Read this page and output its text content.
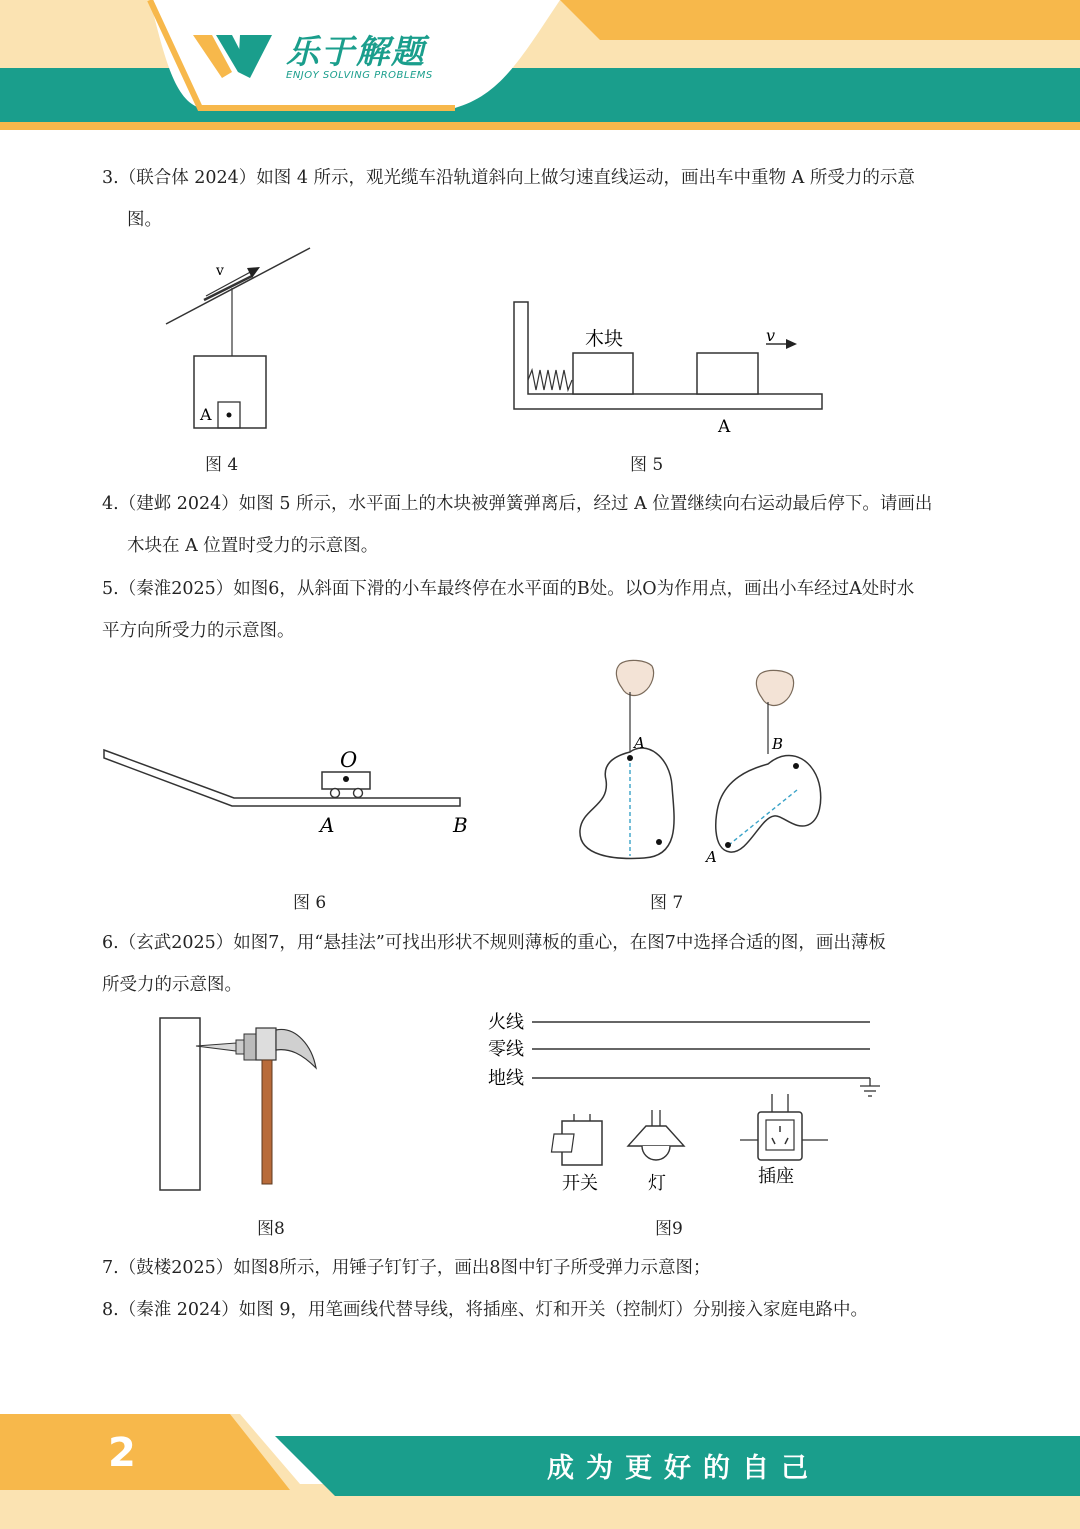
乐于解题
ENJOY SOLVING PROBLEMS
3.（联合体 2024）如图 4 所示，观光缆车沿轨道斜向上做匀速直线运动，画出车中重物 A 所受力的示意
图。
v
A
图 4
木块	v
A
图 5
4.（建邺 2024）如图 5 所示，水平面上的木块被弹簧弹离后，经过 A 位置继续向右运动最后停下。请画出
木块在 A 位置时受力的示意图。
5.（秦淮2025）如图6，从斜面下滑的小车最终停在水平面的B处。以O为作用点，画出小车经过A处时水
平方向所受力的示意图。
O
A	B
图 6
A	B
A
图 7
6.（玄武2025）如图7，用“悬挂法”可找出形状不规则薄板的重心，在图7中选择合适的图，画出薄板
所受力的示意图。
图8
火线
零线
地线
开关	灯	插座
图9
7.（鼓楼2025）如图8所示，用锤子钉钉子，画出8图中钉子所受弹力示意图；
8.（秦淮 2024）如图 9，用笔画线代替导线，将插座、灯和开关（控制灯）分别接入家庭电路中。
2	成为更好的自己
